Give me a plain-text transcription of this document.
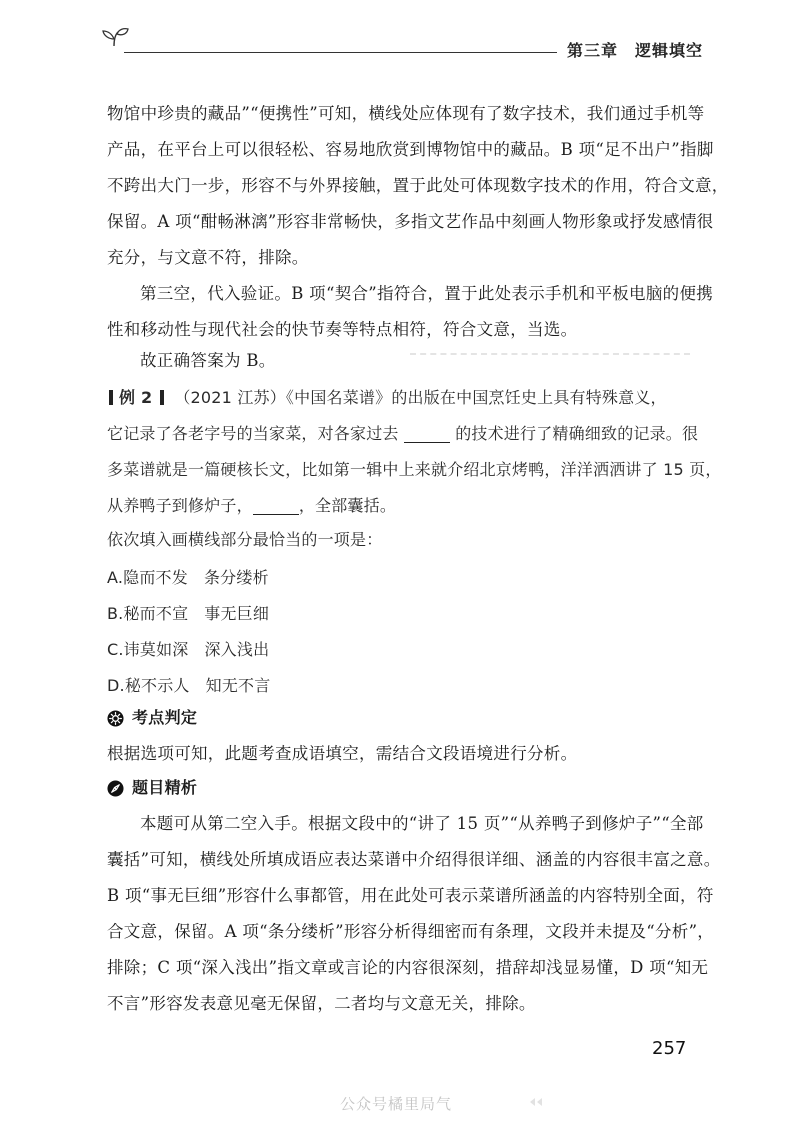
第三章　逻辑填空
物馆中珍贵的藏品”“便携性”可知，横线处应体现有了数字技术，我们通过手机等
产品，在平台上可以很轻松、容易地欣赏到博物馆中的藏品。B 项“足不出户”指脚
不跨出大门一步，形容不与外界接触，置于此处可体现数字技术的作用，符合文意，
保留。A 项“酣畅淋漓”形容非常畅快，多指文艺作品中刻画人物形象或抒发感情很
充分，与文意不符，排除。
第三空，代入验证。B 项“契合”指符合，置于此处表示手机和平板电脑的便携
性和移动性与现代社会的快节奏等特点相符，符合文意，当选。
故正确答案为 B。
例 2 （2021 江苏）《中国名菜谱》的出版在中国烹饪史上具有特殊意义，
它记录了各老字号的当家菜，对各家过去	的技术进行了精确细致的记录。很
多菜谱就是一篇硬核长文，比如第一辑中上来就介绍北京烤鸭，洋洋洒洒讲了 15 页，
从养鸭子到修炉子，	，全部囊括。
依次填入画横线部分最恰当的一项是：
A.隐而不发 条分缕析
B.秘而不宣 事无巨细
C.讳莫如深 深入浅出
D.秘不示人 知无不言
考点判定
根据选项可知，此题考查成语填空，需结合文段语境进行分析。
题目精析
本题可从第二空入手。根据文段中的“讲了 15 页”“从养鸭子到修炉子”“全部
囊括”可知，横线处所填成语应表达菜谱中介绍得很详细、涵盖的内容很丰富之意。
B 项“事无巨细”形容什么事都管，用在此处可表示菜谱所涵盖的内容特别全面，符
合文意，保留。A 项“条分缕析”形容分析得细密而有条理，文段并未提及“分析”，
排除；C 项“深入浅出”指文章或言论的内容很深刻，措辞却浅显易懂，D 项“知无
不言”形容发表意见毫无保留，二者均与文意无关，排除。
257
公众号橘里局气
